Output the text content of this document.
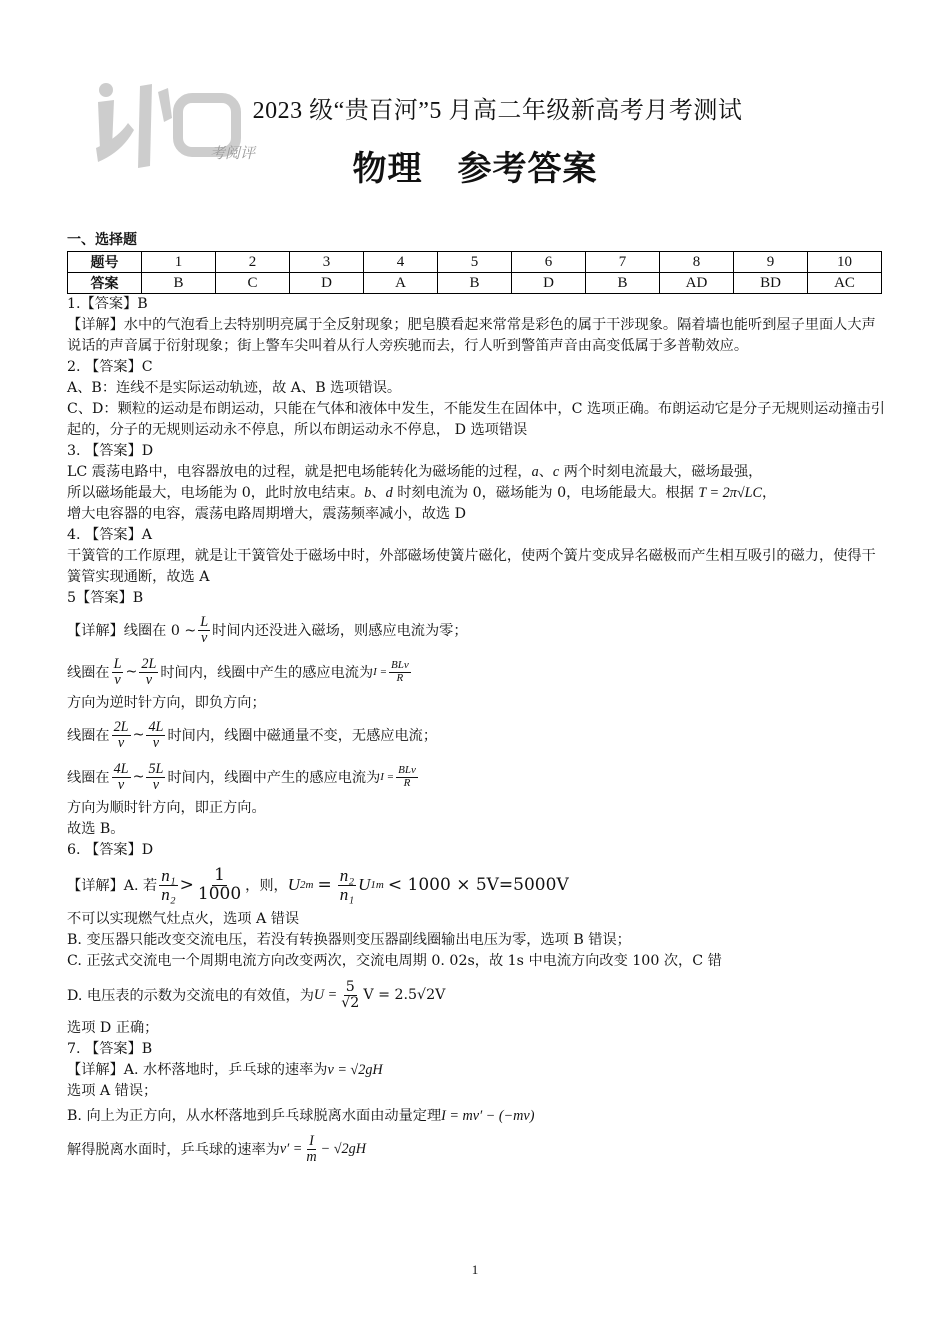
考阅评
2023 级“贵百河”5 月高二年级新高考月考测试
物理　参考答案
一、选择题
题号	1	2	3	4	5	6	7	8	9	10
答案	B	C	D	A	B	D	B	AD	BD	AC

1.【答案】B

【详解】水中的气泡看上去特别明亮属于全反射现象；肥皂膜看起来常常是彩色的属于干涉现象。隔着墙也能听到屋子里面人大声说话的声音属于衍射现象；街上警车尖叫着从行人旁疾驰而去，行人听到警笛声音由高变低属于多普勒效应。

2. 【答案】C

A、B：连线不是实际运动轨迹，故 A、B 选项错误。

C、D：颗粒的运动是布朗运动，只能在气体和液体中发生，不能发生在固体中，C 选项正确。布朗运动它是分子无规则运动撞击引起的，分子的无规则运动永不停息，所以布朗运动永不停息， D 选项错误

3. 【答案】D

LC 震荡电路中，电容器放电的过程，就是把电场能转化为磁场能的过程，a、c 两个时刻电流最大，磁场最强，

所以磁场能最大，电场能为 0，此时放电结束。b、d 时刻电流为 0，磁场能为 0，电场能最大。根据 T = 2π√LC，

增大电容器的电容，震荡电路周期增大，震荡频率减小，故选 D

4. 【答案】A

干簧管的工作原理，就是让干簧管处于磁场中时，外部磁场使簧片磁化，使两个簧片变成异名磁极而产生相互吸引的磁力，使得干簧管实现通断，故选 A

5【答案】B

【详解】线圈在 0 ~ $\frac{L}{v}$ 时间内还没进入磁场，则感应电流为零；
线圈在 $\frac{L}{v}$ ~ $\frac{2L}{v}$ 时间内，线圈中产生的感应电流为 $I = \frac{\text{BLv}}{R}$

方向为逆时针方向，即负方向；

线圈在 $\frac{2L}{v}$ ~ $\frac{4L}{v}$ 时间内，线圈中磁通量不变，无感应电流；
线圈在 $\frac{4L}{v}$ ~ $\frac{5L}{v}$ 时间内，线圈中产生的感应电流为 $I = \frac{\text{BLv}}{R}$

方向为顺时针方向，即正方向。

故选 B。

6. 【答案】D

【详解】A. 若 $\frac{\text{n₁}}{\text{n₂}} > \frac{1}{1000}$ ，则， U $2m = \frac{\text{n₂}}{\text{n₁}}$ U 1m < 1000 × 5V=5000V

不可以实现燃气灶点火，选项 A 错误

B. 变压器只能改变交流电压，若没有转换器则变压器副线圈输出电压为零，选项 B 错误；

C. 正弦式交流电一个周期电流方向改变两次，交流电周期 0. 02s，故 1s 中电流方向改变 100 次，C 错

D. 电压表的示数为交流电的有效值，为 $U = \frac{5}{√2}$ V = 2.5√2V

选项 D 正确；

7. 【答案】B

【详解】A. 水杯落地时，乒乓球的速率为v = √2gH

选项 A 错误；

B. 向上为正方向，从水杯落地到乒乓球脱离水面由动量定理I = mv′ − (−mv)

解得脱离水面时，乒乓球的速率为 $v' = \frac{I}{m} - √2gH$
1
